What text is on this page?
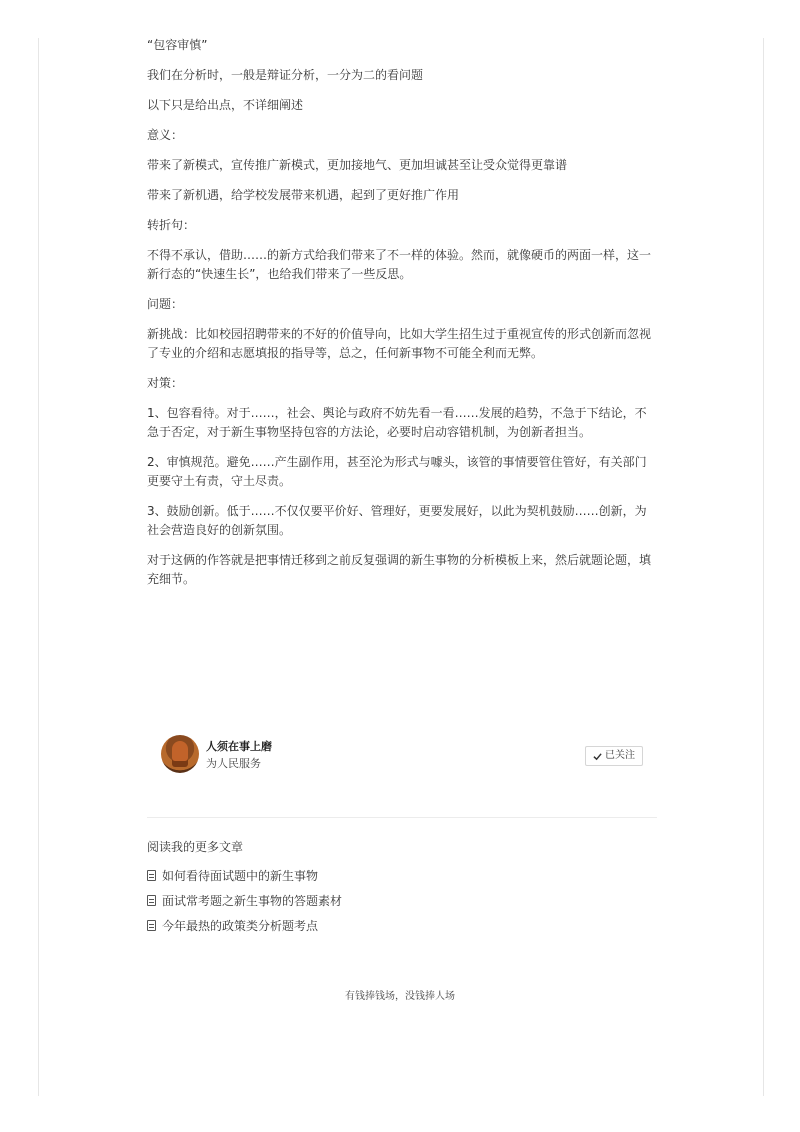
“包容审慎”

我们在分析时，一般是辩证分析，一分为二的看问题

以下只是给出点，不详细阐述

意义：

带来了新模式，宣传推广新模式，更加接地气、更加坦诚甚至让受众觉得更靠谱

带来了新机遇，给学校发展带来机遇，起到了更好推广作用

转折句：

不得不承认，借助……的新方式给我们带来了不一样的体验。然而，就像硬币的两面一样，这一新行态的“快速生长”，也给我们带来了一些反思。

问题：

新挑战：比如校园招聘带来的不好的价值导向，比如大学生招生过于重视宣传的形式创新而忽视了专业的介绍和志愿填报的指导等，总之，任何新事物不可能全利而无弊。

对策：

1、包容看待。对于……，社会、舆论与政府不妨先看一看……发展的趋势，不急于下结论，不急于否定，对于新生事物坚持包容的方法论，必要时启动容错机制，为创新者担当。

2、审慎规范。避免……产生副作用，甚至沦为形式与噱头，该管的事情要管住管好，有关部门更要守土有责，守土尽责。

3、鼓励创新。低于……不仅仅要平价好、管理好，更要发展好，以此为契机鼓励……创新，为社会营造良好的创新氛围。

对于这俩的作答就是把事情迁移到之前反复强调的新生事物的分析模板上来，然后就题论题，填充细节。

人须在事上磨
为人民服务
已关注
阅读我的更多文章
如何看待面试题中的新生事物
面试常考题之新生事物的答题素材
今年最热的政策类分析题考点
有钱捧钱场，没钱捧人场
